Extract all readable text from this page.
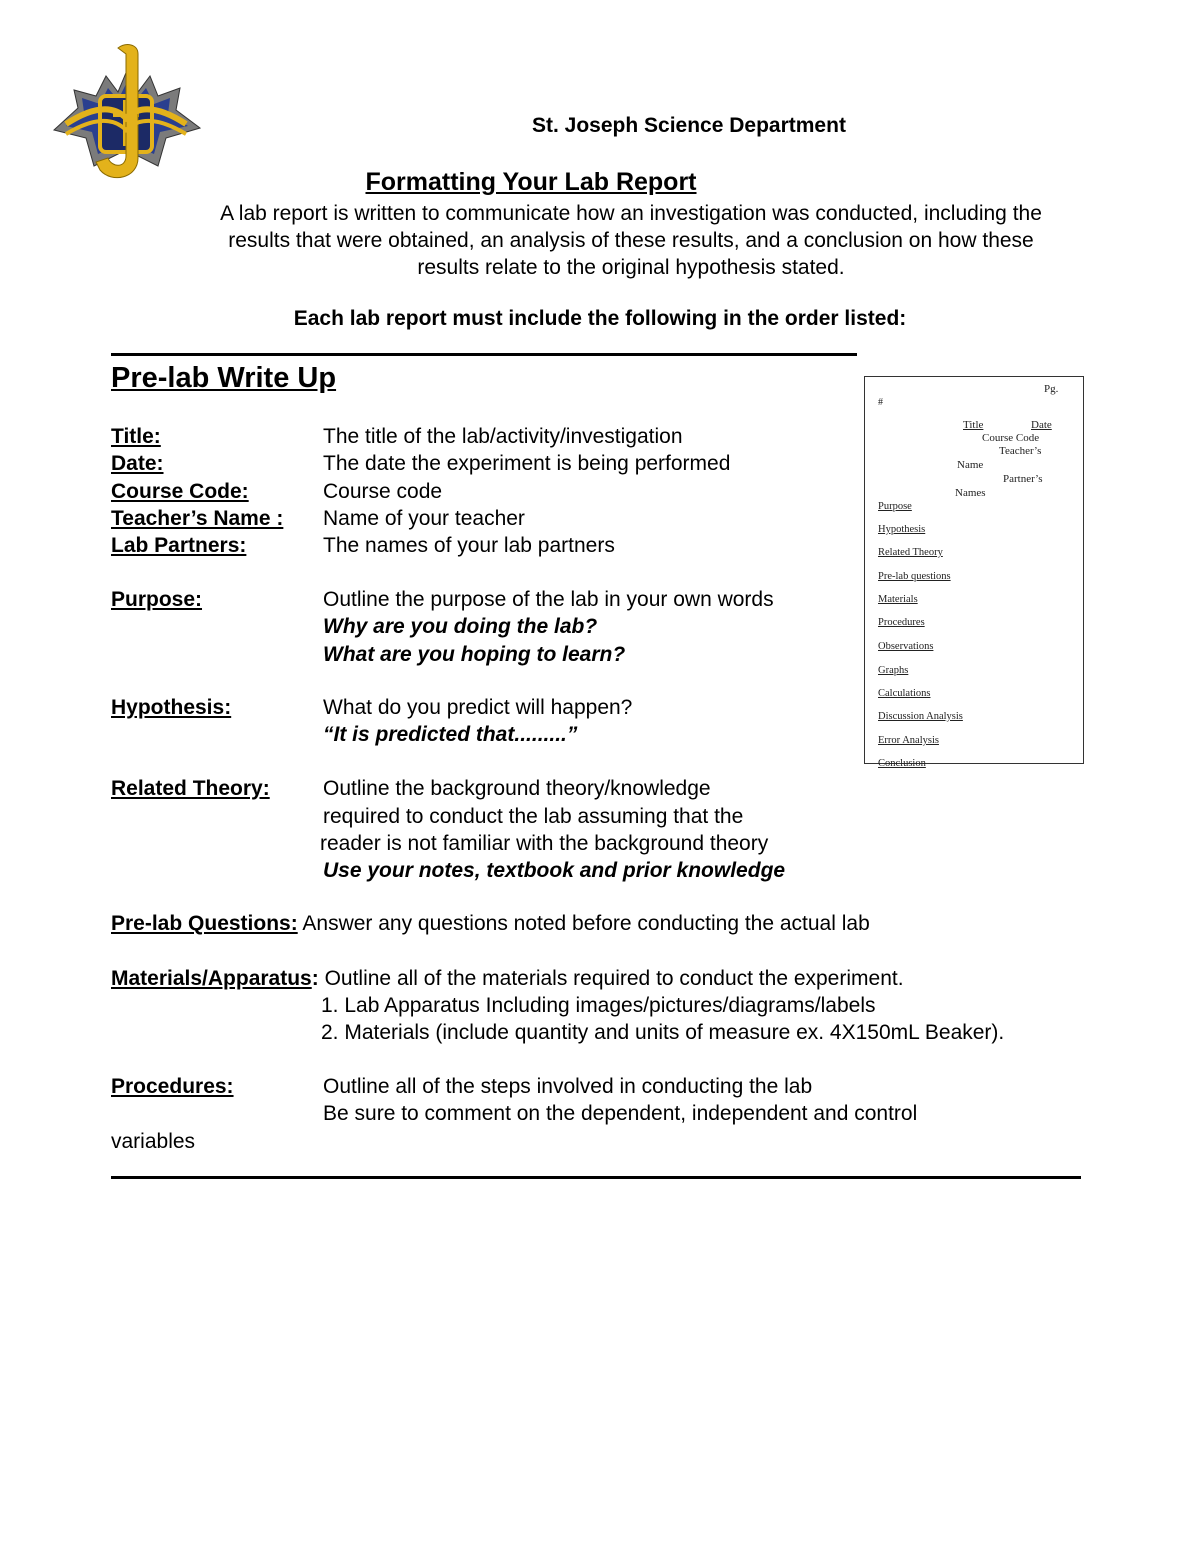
St. Joseph Science Department
Formatting Your Lab Report
A lab report is written to communicate how an investigation was conducted, including the
results that were obtained, an analysis of these results, and a conclusion on how these
results relate to the original hypothesis stated.
Each lab report must include the following in the order listed:
Pre-lab Write Up
Title:	The title of the lab/activity/investigation
Date:	The date the experiment is being performed
Course Code:	Course code
Teacher’s Name : Name of your teacher
Lab Partners:	The names of your lab partners
Purpose:	Outline the purpose of the lab in your own words
Why are you doing the lab?
What are you hoping to learn?
Hypothesis:	What do you predict will happen?
“It is predicted that.........”
Related Theory:	Outline the background theory/knowledge
required to conduct the lab assuming that the
reader is not familiar with the background theory
Use your notes, textbook and prior knowledge
Pre-lab Questions: Answer any questions noted before conducting the actual lab
Materials/Apparatus: Outline all of the materials required to conduct the experiment.
1. Lab Apparatus Including images/pictures/diagrams/labels
2. Materials (include quantity and units of measure ex. 4X150mL Beaker).
Procedures:	Outline all of the steps involved in conducting the lab
Be sure to comment on the dependent, independent and control
variables
Pg.
#
Title	Date
Course Code
Teacher’s
Name
Partner’s
Names
Purpose
Hypothesis
Related Theory
Pre-lab questions
Materials
Procedures
Observations
Graphs
Calculations
Discussion Analysis
Error Analysis
Conclusion
